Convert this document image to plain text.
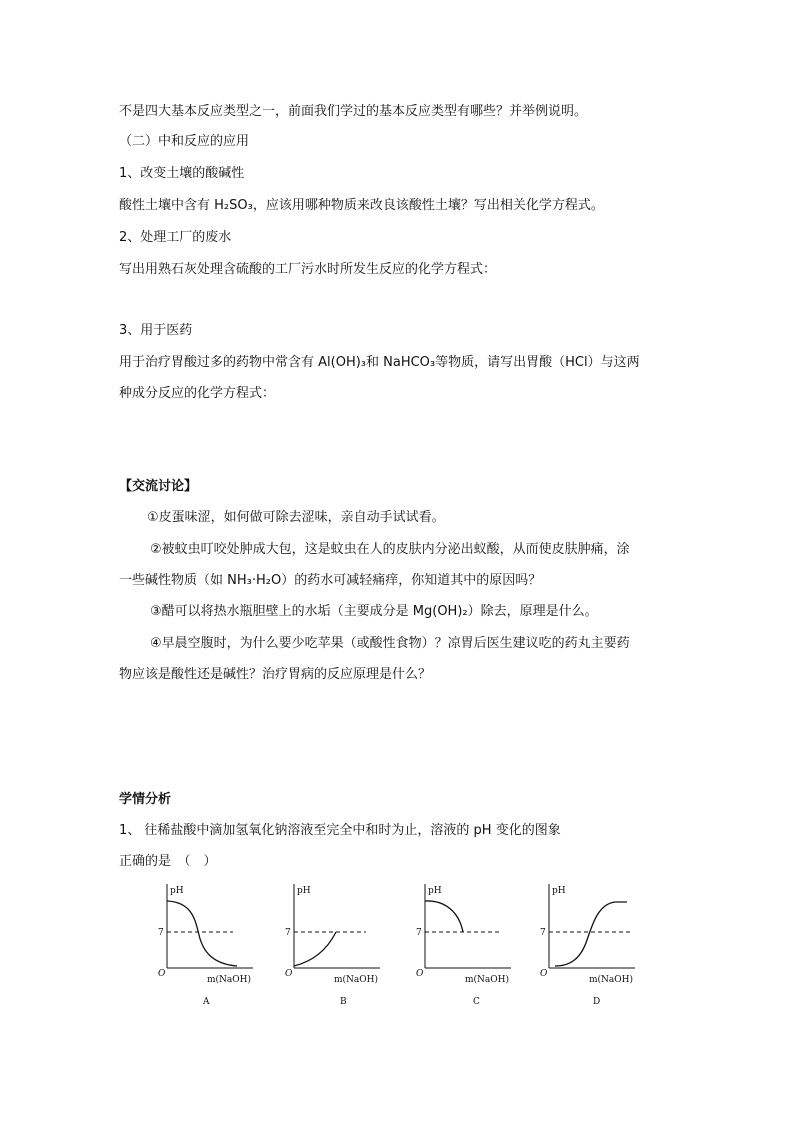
不是四大基本反应类型之一，前面我们学过的基本反应类型有哪些？并举例说明。
（二）中和反应的应用
1、改变土壤的酸碱性
酸性土壤中含有 H₂SO₃，应该用哪种物质来改良该酸性土壤？写出相关化学方程式。
2、处理工厂的废水
写出用熟石灰处理含硫酸的工厂污水时所发生反应的化学方程式：
3、用于医药
用于治疗胃酸过多的药物中常含有 Al(OH)₃和 NaHCO₃等物质，请写出胃酸（HCl）与这两
种成分反应的化学方程式：
【交流讨论】
①皮蛋味涩，如何做可除去涩味，亲自动手试试看。
②被蚊虫叮咬处肿成大包，这是蚊虫在人的皮肤内分泌出蚁酸，从而使皮肤肿痛，涂
一些碱性物质（如 NH₃·H₂O）的药水可减轻痛痒，你知道其中的原因吗？
③醋可以将热水瓶胆壁上的水垢（主要成分是 Mg(OH)₂）除去，原理是什么。
④早晨空腹时，为什么要少吃苹果（或酸性食物）？凉胃后医生建议吃的药丸主要药
物应该是酸性还是碱性？治疗胃病的反应原理是什么？
学情分析
1、 往稀盐酸中滴加氢氧化钠溶液至完全中和时为止，溶液的 pH 变化的图象
正确的是　（　）
pH
7
O
m(NaOH)
A
pH
7
O
m(NaOH)
B
pH
7
O
m(NaOH)
C
pH
7
O
m(NaOH)
D
